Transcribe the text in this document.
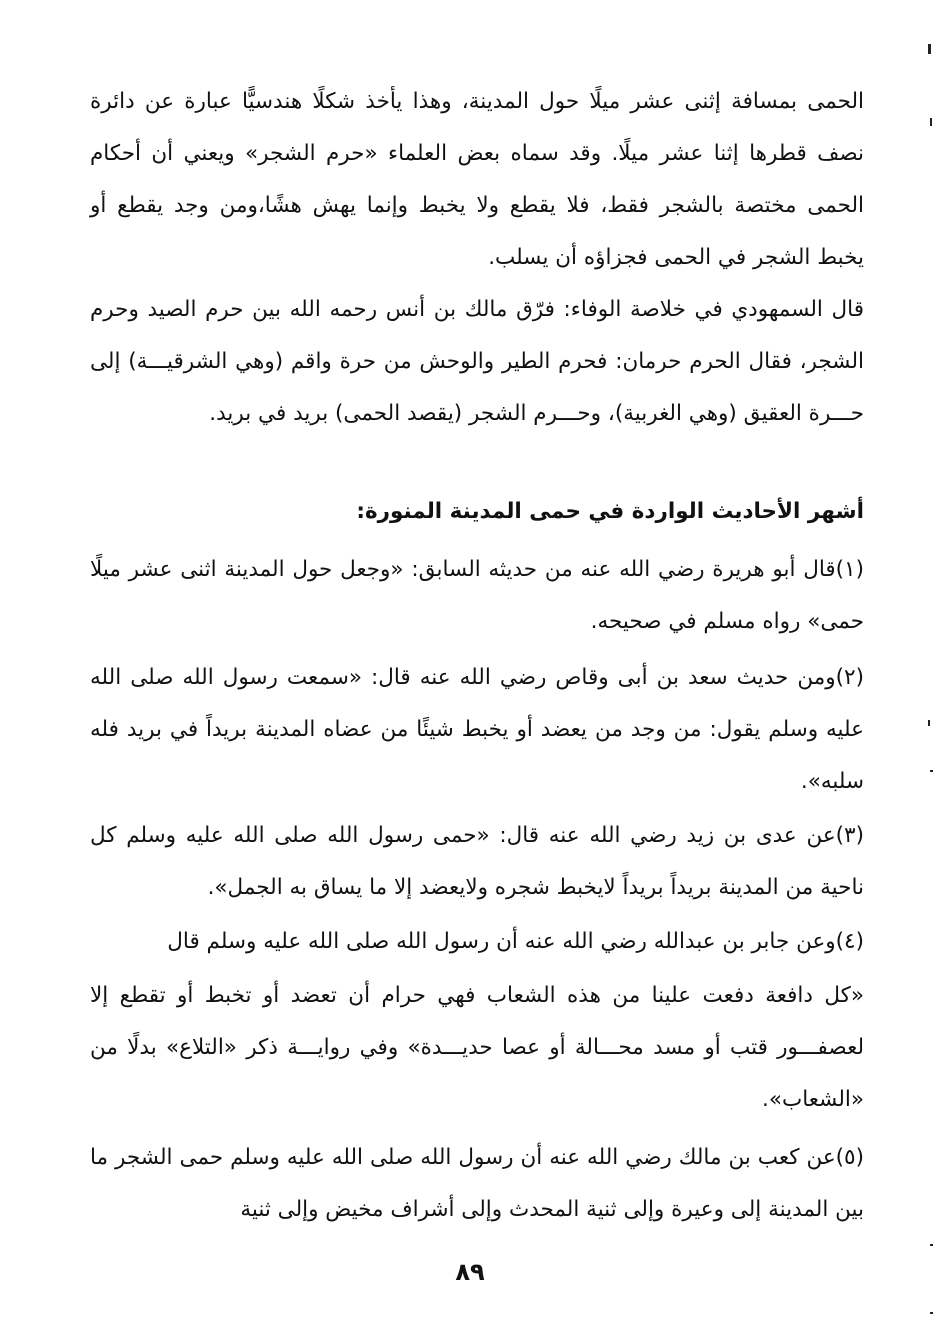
الحمى بمسافة إثنى عشر ميلًا حول المدينة، وهذا يأخذ شكلًا هندسيًّا عبارة عن دائرة نصف قطرها إثنا عشر ميلًا. وقد سماه بعض العلماء «حرم الشجر» ويعني أن أحكام الحمى مختصة بالشجر فقط، فلا يقطع ولا يخبط وإنما يهش هشًا،ومن وجد يقطع أو يخبط الشجر في الحمى فجزاؤه أن يسلب.
قال السمهودي في خلاصة الوفاء: فرّق مالك بن أنس رحمه الله بين حرم الصيد وحرم الشجر، فقال الحرم حرمان: فحرم الطير والوحش من حرة واقم (وهي الشرقيـــة) إلى حـــرة العقيق (وهي الغربية)، وحـــرم الشجر (يقصد الحمى) بريد في بريد.
أشهر الأحاديث الواردة في حمى المدينة المنورة:
(١)قال أبو هريرة رضي الله عنه من حديثه السابق: «وجعل حول المدينة اثنى عشر ميلًا حمى» رواه مسلم في صحيحه.
(٢)ومن حديث سعد بن أبى وقاص رضي الله عنه قال: «سمعت رسول الله صلى الله عليه وسلم يقول: من وجد من يعضد أو يخبط شيئًا من عضاه المدينة بريداً في بريد فله سلبه».
(٣)عن عدى بن زيد رضي الله عنه قال: «حمى رسول الله صلى الله عليه وسلم كل ناحية من المدينة بريداً بريداً لايخبط شجره ولايعضد إلا ما يساق به الجمل».
(٤)وعن جابر بن عبدالله رضي الله عنه أن رسول الله صلى الله عليه وسلم قال
«كل دافعة دفعت علينا من هذه الشعاب فهي حرام أن تعضد أو تخبط أو تقطع إلا لعصفـــور قتب أو مسد محـــالة أو عصا حديـــدة» وفي روايـــة ذكر «التلاع» بدلًا من «الشعاب».
(٥)عن كعب بن مالك رضي الله عنه أن رسول الله صلى الله عليه وسلم حمى الشجر ما بين المدينة إلى وعيرة وإلى ثنية المحدث وإلى أشراف مخيض وإلى ثنية
٨٩
